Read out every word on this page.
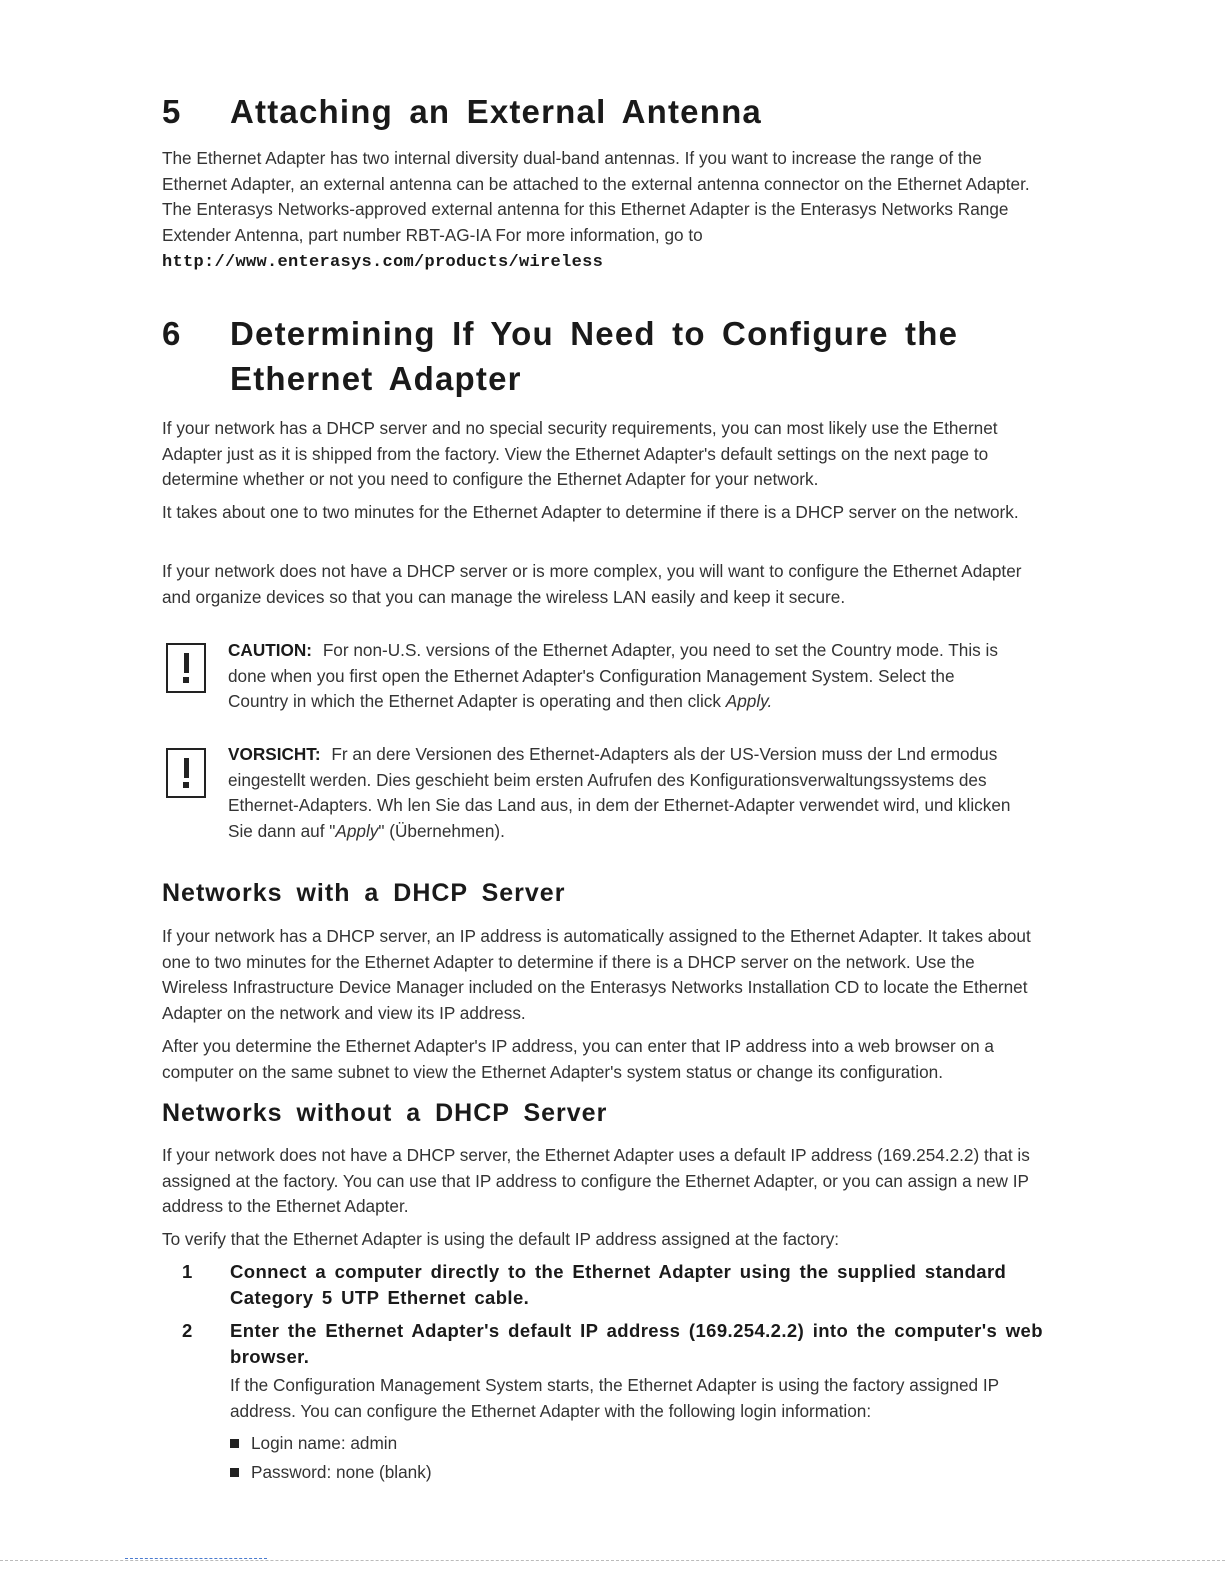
5 Attaching an External Antenna

The Ethernet Adapter has two internal diversity dual-band antennas. If you want to increase the range of the Ethernet Adapter, an external antenna can be attached to the external antenna connector on the Ethernet Adapter. The Enterasys Networks-approved external antenna for this Ethernet Adapter is the Enterasys Networks Range Extender Antenna, part number RBT-AG-IA For more information, go to
http://www.enterasys.com/products/wireless

6 Determining If You Need to Configure the
Ethernet Adapter

If your network has a DHCP server and no special security requirements, you can most likely use the Ethernet Adapter just as it is shipped from the factory. View the Ethernet Adapter's default settings on the next page to determine whether or not you need to configure the Ethernet Adapter for your network.

It takes about one to two minutes for the Ethernet Adapter to determine if there is a DHCP server on the network.

If your network does not have a DHCP server or is more complex, you will want to configure the Ethernet Adapter and organize devices so that you can manage the wireless LAN easily and keep it secure.

CAUTION: For non-U.S. versions of the Ethernet Adapter, you need to set the Country mode. This is done when you first open the Ethernet Adapter's Configuration Management System. Select the Country in which the Ethernet Adapter is operating and then click Apply.

VORSICHT: Fr an dere Versionen des Ethernet-Adapters als der US-Version muss der Lnd ermodus eingestellt werden. Dies geschieht beim ersten Aufrufen des Konfigurationsverwaltungssystems des Ethernet-Adapters. Wh len Sie das Land aus, in dem der Ethernet-Adapter verwendet wird, und klicken Sie dann auf "Apply" (Übernehmen).

Networks with a DHCP Server

If your network has a DHCP server, an IP address is automatically assigned to the Ethernet Adapter. It takes about one to two minutes for the Ethernet Adapter to determine if there is a DHCP server on the network. Use the Wireless Infrastructure Device Manager included on the Enterasys Networks Installation CD to locate the Ethernet Adapter on the network and view its IP address.

After you determine the Ethernet Adapter's IP address, you can enter that IP address into a web browser on a computer on the same subnet to view the Ethernet Adapter's system status or change its configuration.

Networks without a DHCP Server

If your network does not have a DHCP server, the Ethernet Adapter uses a default IP address (169.254.2.2) that is assigned at the factory. You can use that IP address to configure the Ethernet Adapter, or you can assign a new IP address to the Ethernet Adapter.

To verify that the Ethernet Adapter is using the default IP address assigned at the factory:

1 Connect a computer directly to the Ethernet Adapter using the supplied standard Category 5 UTP Ethernet cable.
2 Enter the Ethernet Adapter's default IP address (169.254.2.2) into the computer's web browser.

If the Configuration Management System starts, the Ethernet Adapter is using the factory assigned IP address. You can configure the Ethernet Adapter with the following login information:

Login name: admin
Password: none (blank)
